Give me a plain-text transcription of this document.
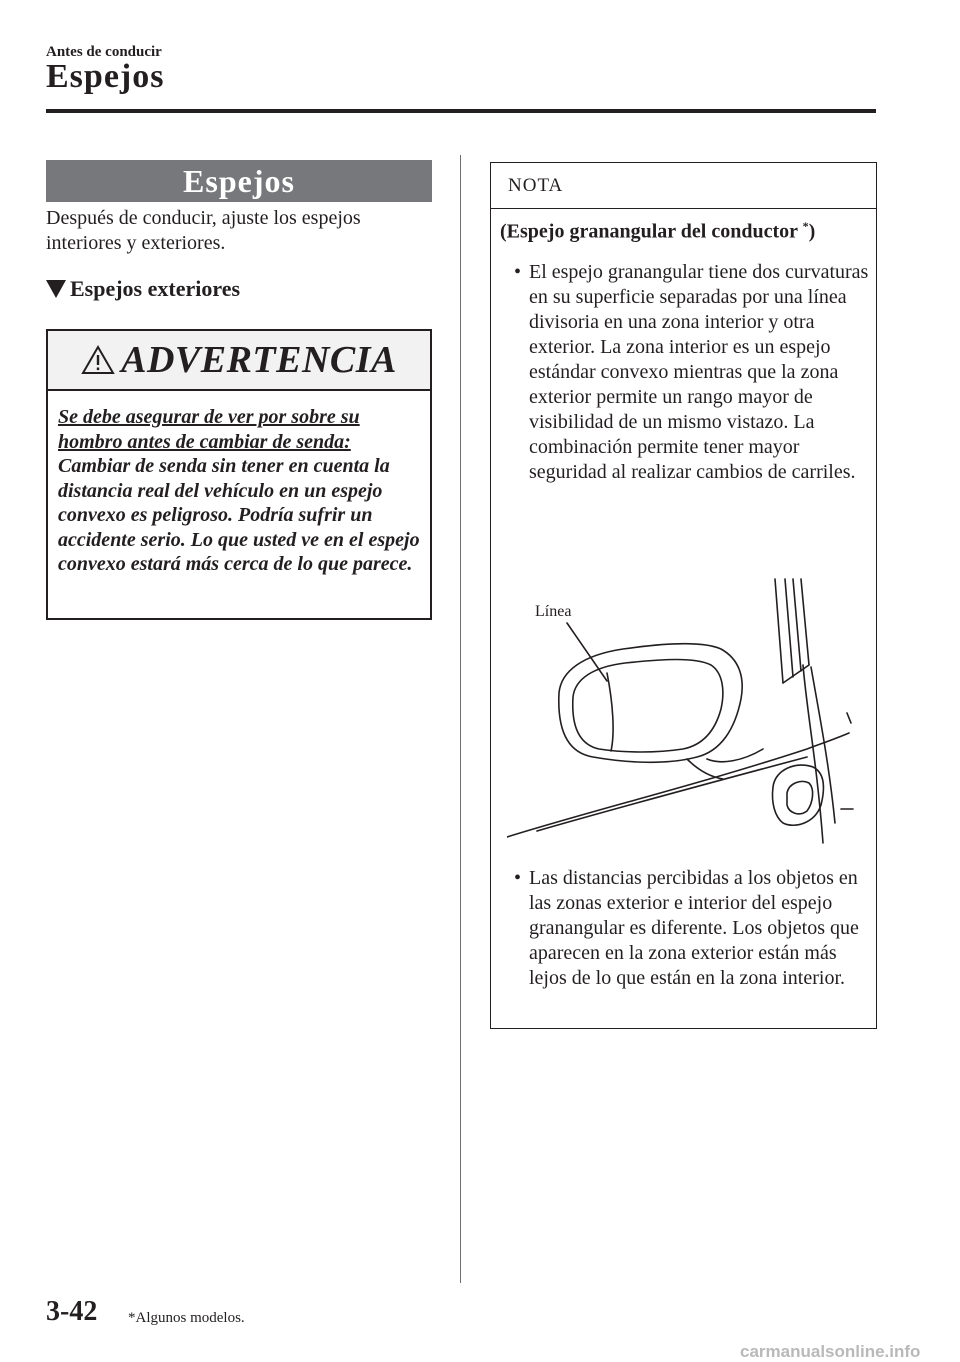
Antes de conducir
Espejos
Espejos
Después de conducir, ajuste los espejos interiores y exteriores.
Espejos exteriores
ADVERTENCIA
Se debe asegurar de ver por sobre su hombro antes de cambiar de senda: Cambiar de senda sin tener en cuenta la distancia real del vehículo en un espejo convexo es peligroso. Podría sufrir un accidente serio. Lo que usted ve en el espejo convexo estará más cerca de lo que parece.
NOTA
(Espejo granangular del conductor *)
• El espejo granangular tiene dos curvaturas en su superficie separadas por una línea divisoria en una zona interior y otra exterior. La zona interior es un espejo estándar convexo mientras que la zona exterior permite un rango mayor de visibilidad de un mismo vistazo. La combinación permite tener mayor seguridad al realizar cambios de carriles.
Línea
• Las distancias percibidas a los objetos en las zonas exterior e interior del espejo granangular es diferente. Los objetos que aparecen en la zona exterior están más lejos de lo que están en la zona interior.
3-42 *Algunos modelos.
carmanualsonline.info
